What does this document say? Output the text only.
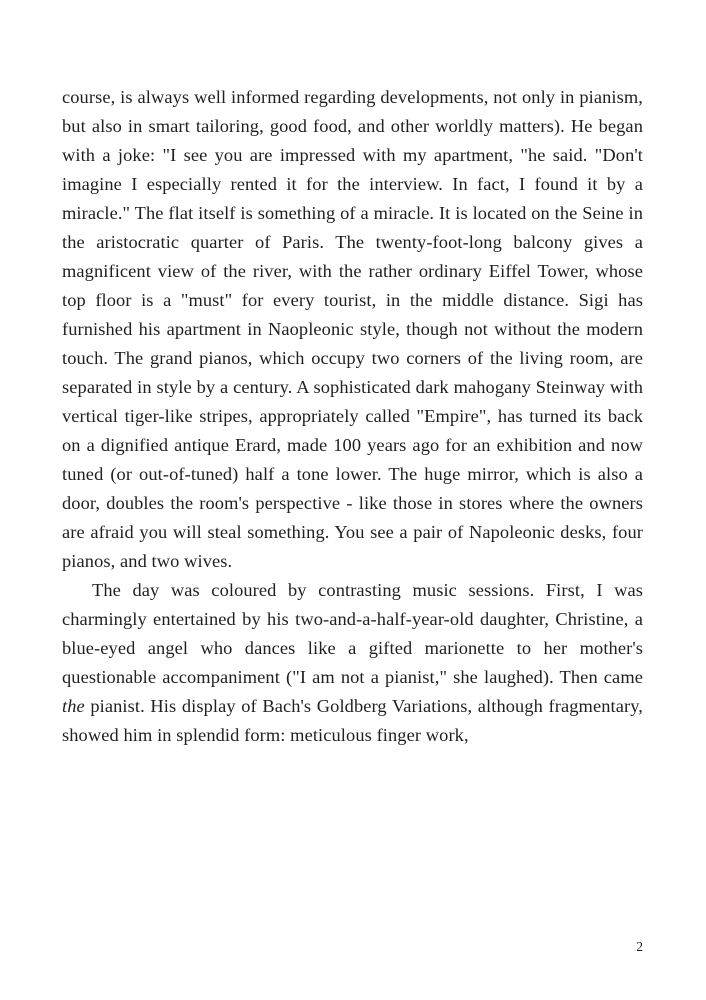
course, is always well informed regarding developments, not only in pianism, but also in smart tailoring, good food, and other worldly matters). He began with a joke: "I see you are impressed with my apartment, "he said. "Don't imagine I especially rented it for the interview. In fact, I found it by a miracle." The flat itself is something of a miracle. It is located on the Seine in the aristocratic quarter of Paris. The twenty-foot-long balcony gives a magnificent view of the river, with the rather ordinary Eiffel Tower, whose top floor is a "must" for every tourist, in the middle distance. Sigi has furnished his apartment in Naopleonic style, though not without the modern touch. The grand pianos, which occupy two corners of the living room, are separated in style by a century. A sophisticated dark mahogany Steinway with vertical tiger-like stripes, appropriately called "Empire", has turned its back on a dignified antique Erard, made 100 years ago for an exhibition and now tuned (or out-of-tuned) half a tone lower. The huge mirror, which is also a door, doubles the room's perspective - like those in stores where the owners are afraid you will steal something. You see a pair of Napoleonic desks, four pianos, and two wives.

The day was coloured by contrasting music sessions. First, I was charmingly entertained by his two-and-a-half-year-old daughter, Christine, a blue-eyed angel who dances like a gifted marionette to her mother's questionable accompaniment ("I am not a pianist," she laughed). Then came the pianist. His display of Bach's Goldberg Variations, although fragmentary, showed him in splendid form: meticulous finger work,

2
